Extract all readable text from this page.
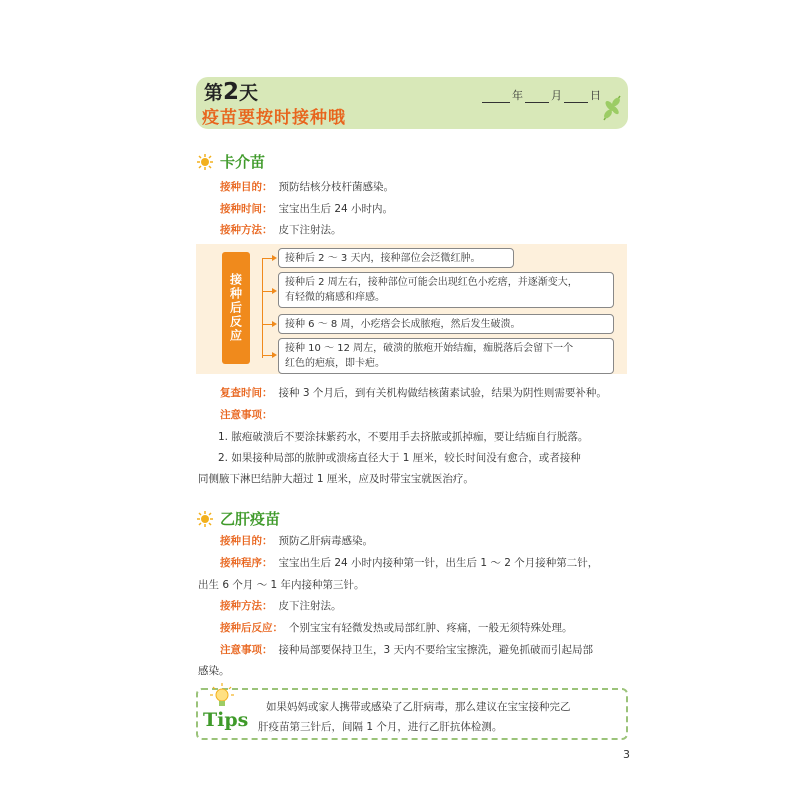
第2天
疫苗要按时接种哦
年	月	日
卡介苗
接种目的： 预防结核分枝杆菌感染。
接种时间： 宝宝出生后 24 小时内。
接种方法： 皮下注射法。
接种后反应
接种后 2 ～ 3 天内，接种部位会泛微红肿。
接种后 2 周左右，接种部位可能会出现红色小疙瘩，并逐渐变大，
有轻微的痛感和痒感。
接种 6 ～ 8 周，小疙瘩会长成脓疱，然后发生破溃。
接种 10 ～ 12 周左，破溃的脓疱开始结痂，痂脱落后会留下一个
红色的疤痕，即卡疤。
复查时间： 接种 3 个月后，到有关机构做结核菌素试验，结果为阴性则需要补种。
注意事项：
1. 脓疱破溃后不要涂抹紫药水，不要用手去挤脓或抓掉痂，要让结痂自行脱落。
2. 如果接种局部的脓肿或溃疡直径大于 1 厘米，较长时间没有愈合，或者接种
同侧腋下淋巴结肿大超过 1 厘米，应及时带宝宝就医治疗。
乙肝疫苗
接种目的： 预防乙肝病毒感染。
接种程序： 宝宝出生后 24 小时内接种第一针，出生后 1 ～ 2 个月接种第二针，
出生 6 个月 ～ 1 年内接种第三针。
接种方法： 皮下注射法。
接种后反应： 个别宝宝有轻微发热或局部红肿、疼痛，一般无须特殊处理。
注意事项： 接种局部要保持卫生，3 天内不要给宝宝擦洗，避免抓破而引起局部
感染。
Tips
如果妈妈或家人携带或感染了乙肝病毒，那么建议在宝宝接种完乙
肝疫苗第三针后，间隔 1 个月，进行乙肝抗体检测。
3
